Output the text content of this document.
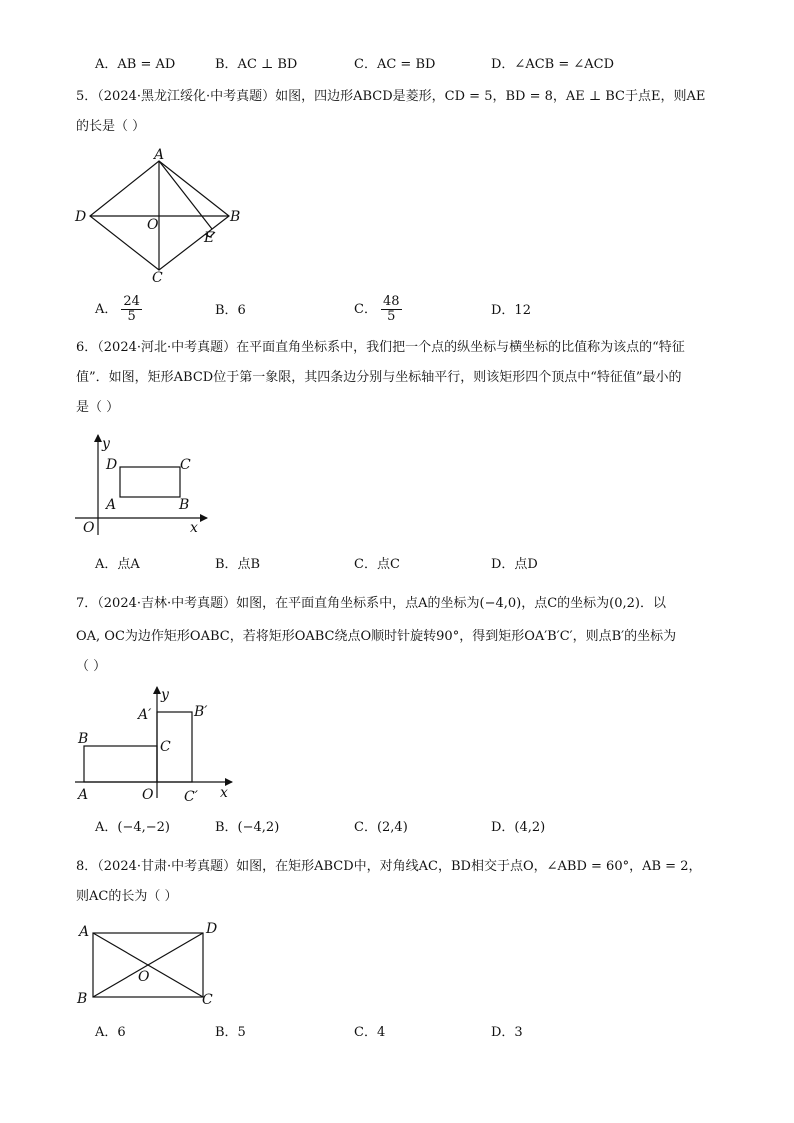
A．AB = AD	B．AC ⊥ BD	C．AC = BD	D．∠ACB = ∠ACD
5．（2024·黑龙江绥化·中考真题）如图，四边形ABCD是菱形，CD = 5，BD = 8，AE ⊥ BC于点E，则AE
的长是（ ）
A
D	B
O
E
C
A． $\frac{24}{5}$	B．6	C． $\frac{48}{5}$	D．12
6．（2024·河北·中考真题）在平面直角坐标系中，我们把一个点的纵坐标与横坐标的比值称为该点的“特征
值”．如图，矩形ABCD位于第一象限，其四条边分别与坐标轴平行，则该矩形四个顶点中“特征值”最小的
是（ ）
y
D	C
A	B
O	x
A．点A	B．点B	C．点C	D．点D
7．（2024·吉林·中考真题）如图，在平面直角坐标系中，点A的坐标为(−4,0)，点C的坐标为(0,2)．以
OA, OC为边作矩形OABC，若将矩形OABC绕点O顺时针旋转90°，得到矩形OA′B′C′，则点B′的坐标为
（ ）
y
A′	B′
B	C
A	O C′ x
A．(−4,−2)	B．(−4,2)	C．(2,4)	D．(4,2)
8．（2024·甘肃·中考真题）如图，在矩形ABCD中，对角线AC，BD相交于点O，∠ABD = 60°，AB = 2，
则AC的长为（ ）
A	D
O
B	C
A．6	B．5	C．4	D．3
